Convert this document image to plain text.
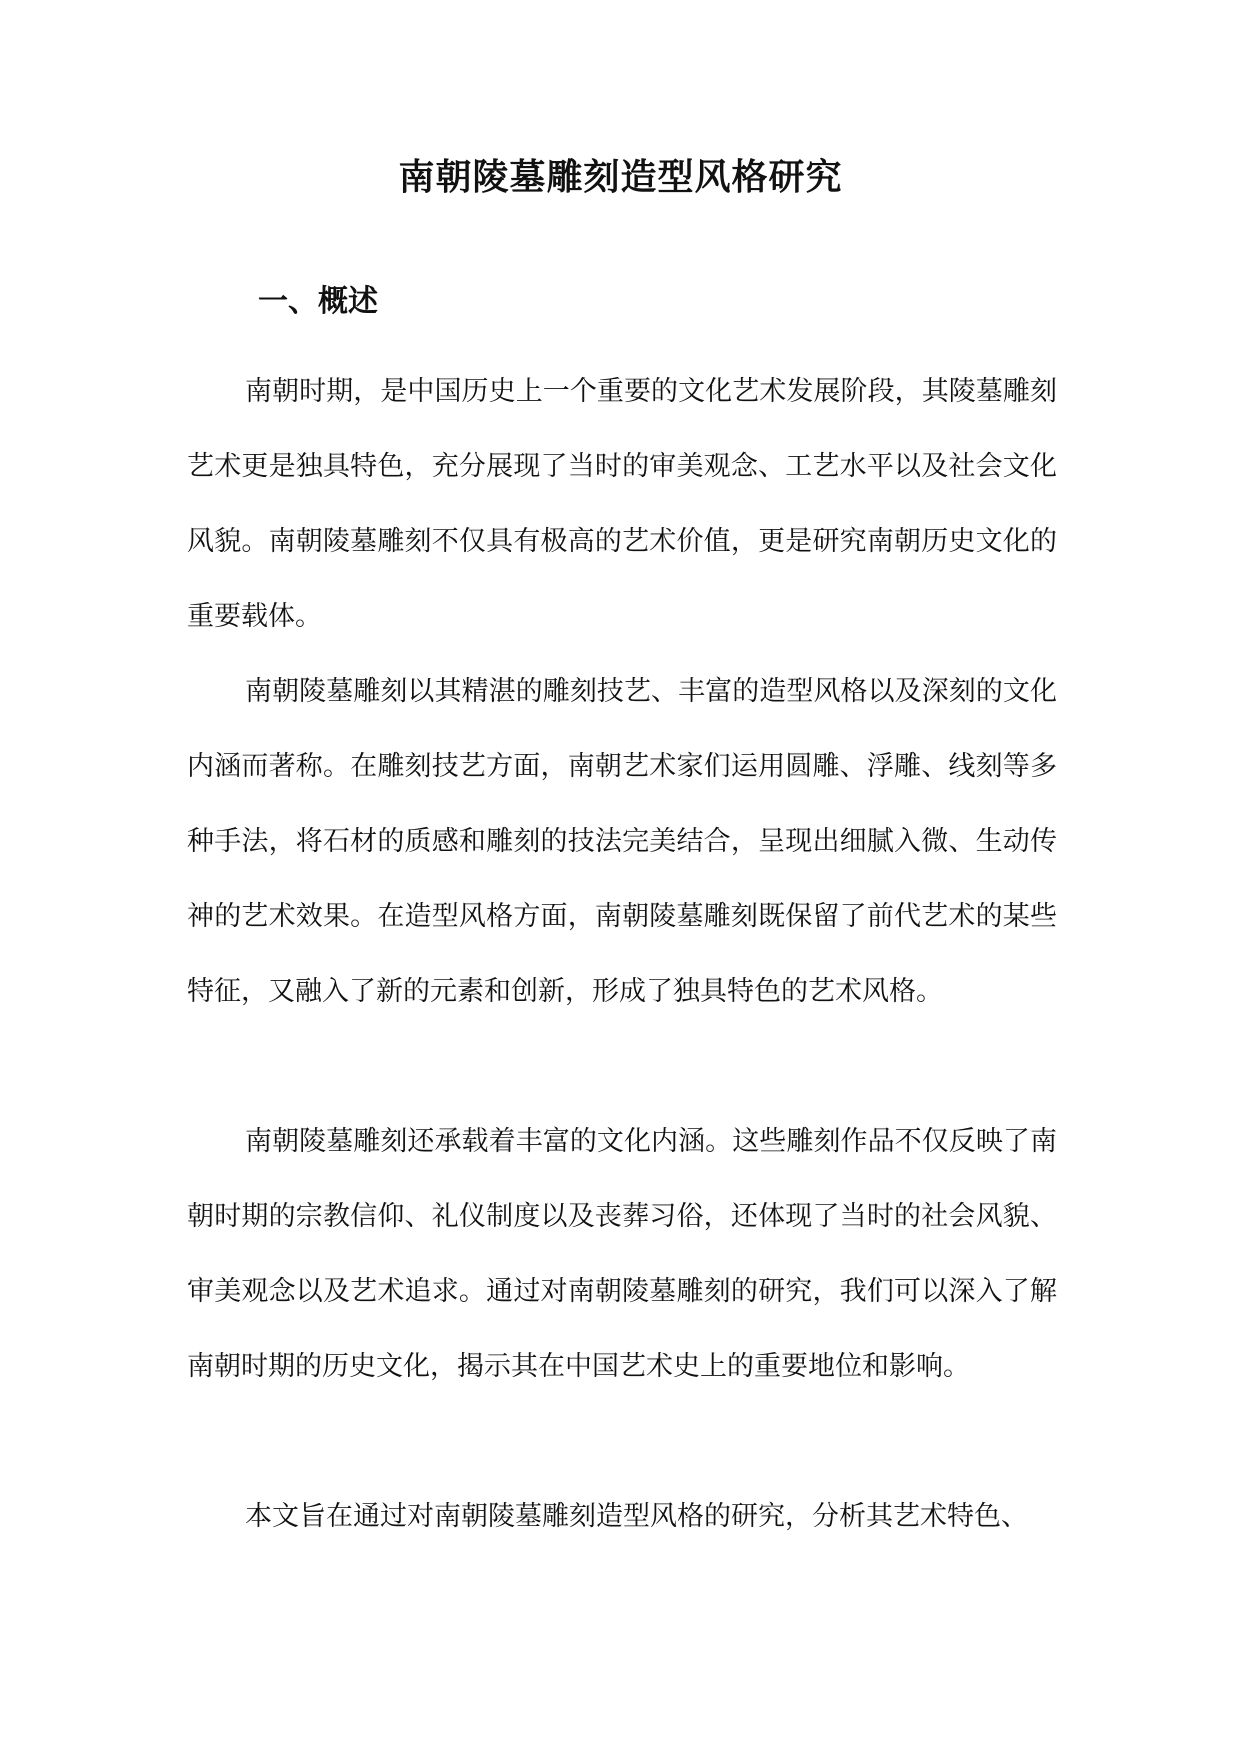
南朝陵墓雕刻造型风格研究
一、概述

南朝时期，是中国历史上一个重要的文化艺术发展阶段，其陵墓雕刻艺术更是独具特色，充分展现了当时的审美观念、工艺水平以及社会文化风貌。南朝陵墓雕刻不仅具有极高的艺术价值，更是研究南朝历史文化的重要载体。

南朝陵墓雕刻以其精湛的雕刻技艺、丰富的造型风格以及深刻的文化内涵而著称。在雕刻技艺方面，南朝艺术家们运用圆雕、浮雕、线刻等多种手法，将石材的质感和雕刻的技法完美结合，呈现出细腻入微、生动传神的艺术效果。在造型风格方面，南朝陵墓雕刻既保留了前代艺术的某些特征，又融入了新的元素和创新，形成了独具特色的艺术风格。

南朝陵墓雕刻还承载着丰富的文化内涵。这些雕刻作品不仅反映了南朝时期的宗教信仰、礼仪制度以及丧葬习俗，还体现了当时的社会风貌、审美观念以及艺术追求。通过对南朝陵墓雕刻的研究，我们可以深入了解南朝时期的历史文化，揭示其在中国艺术史上的重要地位和影响。

本文旨在通过对南朝陵墓雕刻造型风格的研究，分析其艺术特色、
